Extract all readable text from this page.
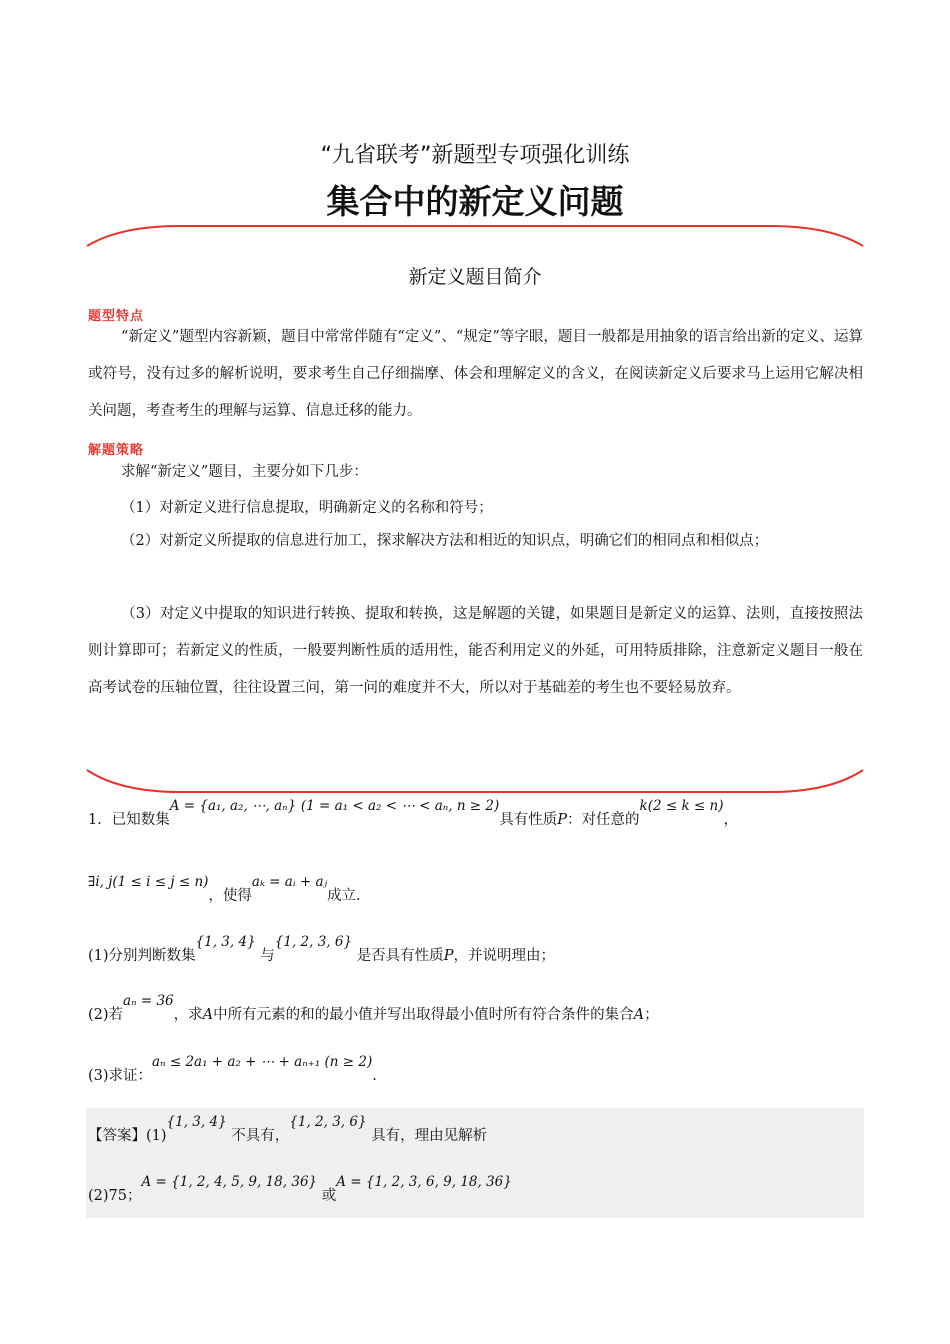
“九省联考”新题型专项强化训练
集合中的新定义问题
新定义题目简介
题型特点
“新定义”题型内容新颖，题目中常常伴随有“定义”、“规定”等字眼，题目一般都是用抽象的语言给出新的定义、运算或符号，没有过多的解析说明，要求考生自己仔细揣摩、体会和理解定义的含义，在阅读新定义后要求马上运用它解决相关问题，考查考生的理解与运算、信息迁移的能力。
解题策略
求解“新定义”题目，主要分如下几步：
（1）对新定义进行信息提取，明确新定义的名称和符号；
（2）对新定义所提取的信息进行加工，探求解决方法和相近的知识点，明确它们的相同点和相似点；
（3）对定义中提取的知识进行转换、提取和转换，这是解题的关键，如果题目是新定义的运算、法则，直接按照法则计算即可；若新定义的性质，一般要判断性质的适用性，能否利用定义的外延，可用特质排除，注意新定义题目一般在高考试卷的压轴位置，往往设置三问，第一问的难度并不大，所以对于基础差的考生也不要轻易放弃。
1．已知数集A = {a₁, a₂, ⋯, aₙ} (1 = a₁ < a₂ < ⋯ < aₙ, n ≥ 2)具有性质P：对任意的k(2 ≤ k ≤ n)，
∃i, j(1 ≤ i ≤ j ≤ n)，使得aₖ = aᵢ + aⱼ成立.
(1)分别判断数集{1, 3, 4} 与{1, 2, 3, 6} 是否具有性质P，并说明理由；
(2)若aₙ = 36，求A中所有元素的和的最小值并写出取得最小值时所有符合条件的集合A；
(3)求证：aₙ ≤ 2a₁ + a₂ + ⋯ + aₙ₊₁ (n ≥ 2).
【答案】(1){1, 3, 4} 不具有，{1, 2, 3, 6} 具有，理由见解析
(2)75；A = {1, 2, 4, 5, 9, 18, 36} 或A = {1, 2, 3, 6, 9, 18, 36}
